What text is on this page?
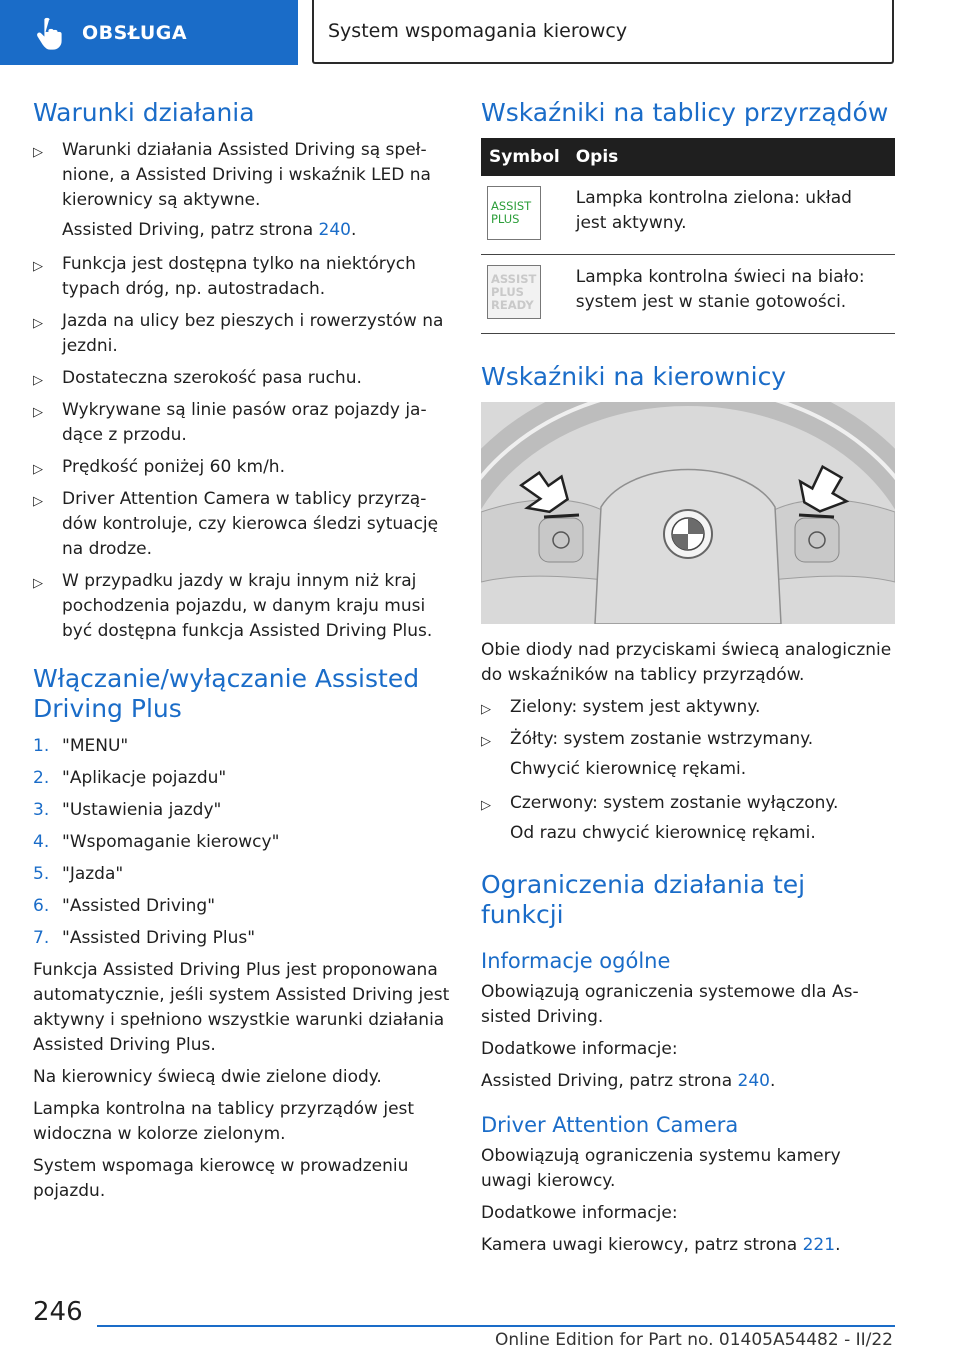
OBSŁUGA	System wspomagania kierowcy
Warunki działania
▷ Warunki działania Assisted Driving są spełnione, a Assisted Driving i wskaźnik LED na kierownicy są aktywne.

Assisted Driving, patrz strona 240.

▷ Funkcja jest dostępna tylko na niektórych typach dróg, np. autostradach.
▷ Jazda na ulicy bez pieszych i rowerzystów na jezdni.
▷ Dostateczna szerokość pasa ruchu.
▷ Wykrywane są linie pasów oraz pojazdy jadące z przodu.
▷ Prędkość poniżej 60 km/h.
▷ Driver Attention Camera w tablicy przyrządów kontroluje, czy kierowca śledzi sytuację na drodze.
▷ W przypadku jazdy w kraju innym niż kraj pochodzenia pojazdu, w danym kraju musi być dostępna funkcja Assisted Driving Plus.
Włączanie/wyłączanie Assisted Driving Plus
1. "MENU"
2. "Aplikacje pojazdu"
3. "Ustawienia jazdy"
4. "Wspomaganie kierowcy"
5. "Jazda"
6. "Assisted Driving"
7. "Assisted Driving Plus"

Funkcja Assisted Driving Plus jest proponowana automatycznie, jeśli system Assisted Driving jest aktywny i spełniono wszystkie warunki działania Assisted Driving Plus.

Na kierownicy świecą dwie zielone diody.

Lampka kontrolna na tablicy przyrządów jest widoczna w kolorze zielonym.

System wspomaga kierowcę w prowadzeniu pojazdu.

Wskaźniki na tablicy przyrządów
Symbol	Opis

ASSIST
PLUS	Lampka kontrolna zielona: układ jest aktywny.

ASSIST
PLUS
READY	Lampka kontrolna świeci na biało: system jest w stanie gotowości.
Wskaźniki na kierownicy

Obie diody nad przyciskami świecą analogicznie do wskaźników na tablicy przyrządów.

▷ Zielony: system jest aktywny.
▷ Żółty: system zostanie wstrzymany.

Chwycić kierownicę rękami.

▷ Czerwony: system zostanie wyłączony.

Od razu chwycić kierownicę rękami.

Ograniczenia działania tej funkcji
Informacje ogólne

Obowiązują ograniczenia systemowe dla Assisted Driving.

Dodatkowe informacje:

Assisted Driving, patrz strona 240.

Driver Attention Camera

Obowiązują ograniczenia systemu kamery uwagi kierowcy.

Dodatkowe informacje:

Kamera uwagi kierowcy, patrz strona 221.

246
Online Edition for Part no. 01405A54482 - II/22
